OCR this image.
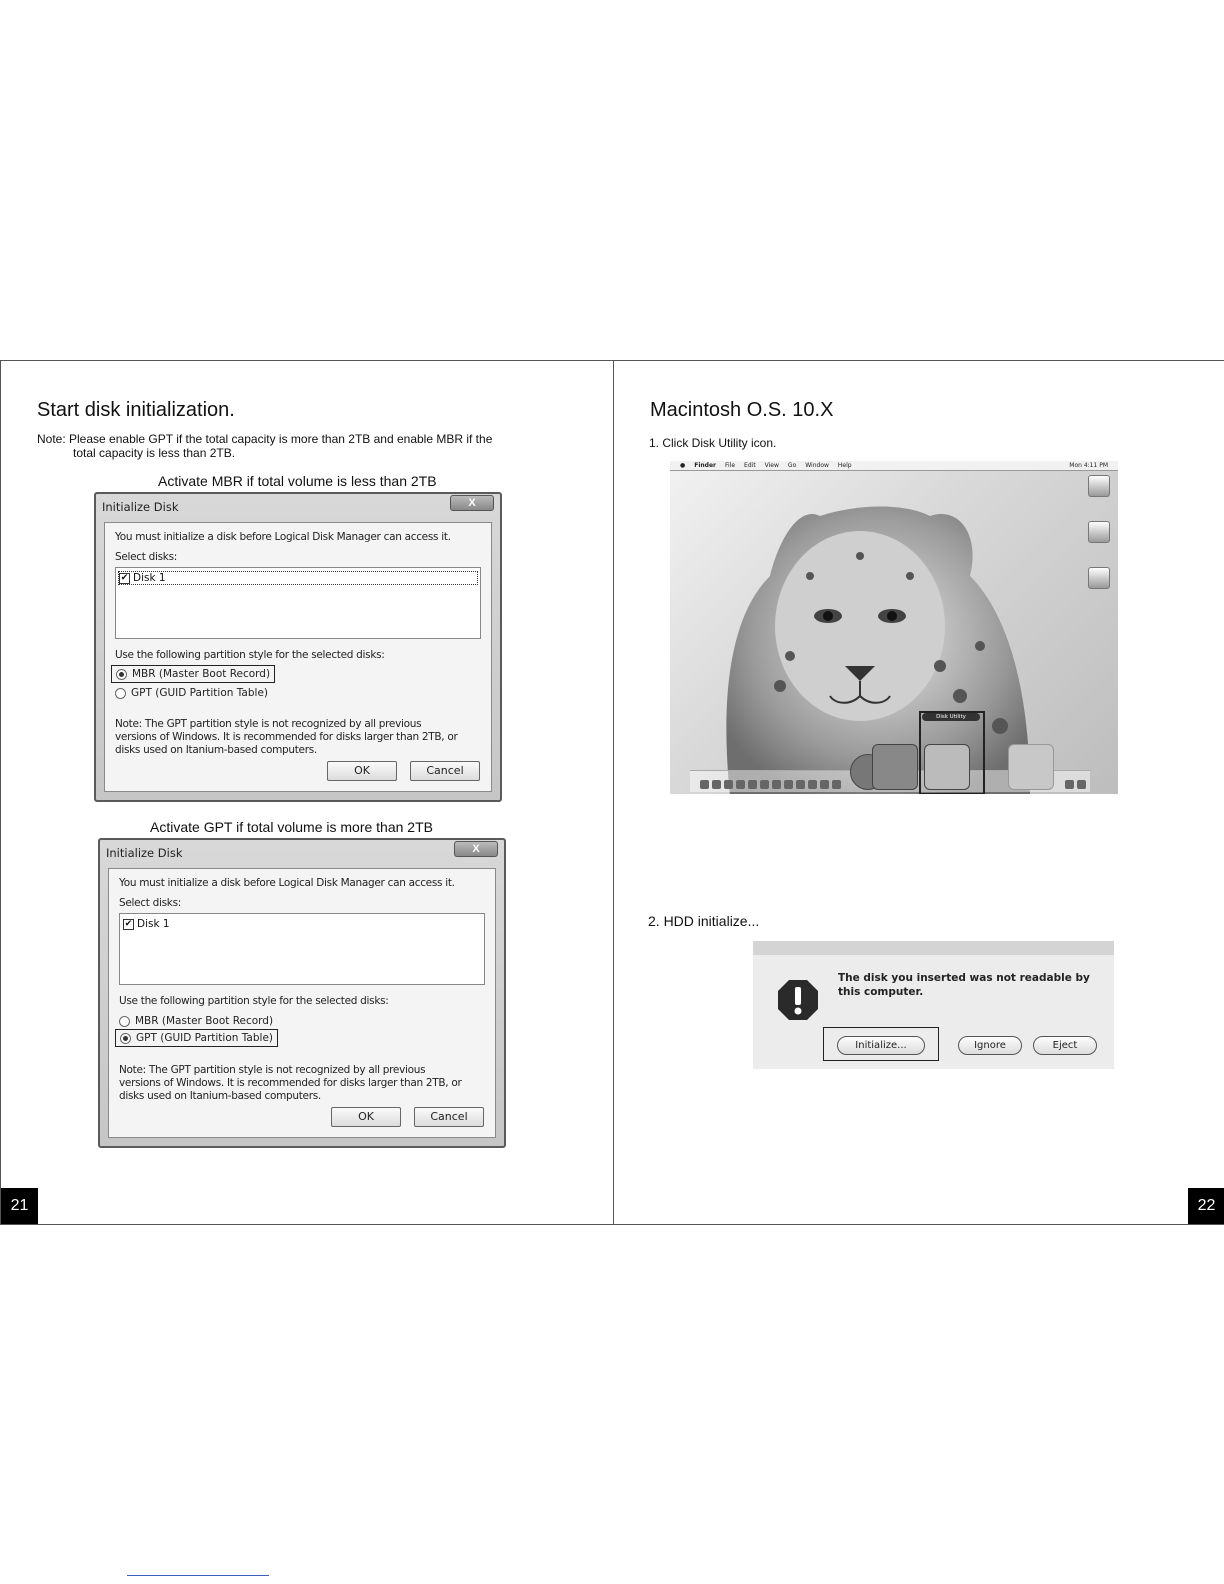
Start disk initialization.
Note: Please enable GPT if the total capacity is more than 2TB and enable MBR if the
total capacity is less than 2TB.
Activate MBR if total volume is less than 2TB
Initialize Disk	X
You must initialize a disk before Logical Disk Manager can access it.
Select disks:
✔ Disk 1
Use the following partition style for the selected disks:
MBR (Master Boot Record)
GPT (GUID Partition Table)
Note: The GPT partition style is not recognized by all previous versions of Windows. It is recommended for disks larger than 2TB, or disks used on Itanium-based computers.
OK	Cancel
Activate GPT if total volume is more than 2TB
Initialize Disk	X
You must initialize a disk before Logical Disk Manager can access it.
Select disks:
✔ Disk 1
Use the following partition style for the selected disks:
MBR (Master Boot Record)
GPT (GUID Partition Table)
Note: The GPT partition style is not recognized by all previous versions of Windows. It is recommended for disks larger than 2TB, or disks used on Itanium-based computers.
OK	Cancel
21
Macintosh O.S. 10.X
1. Click Disk Utility icon.
● Finder File Edit View Go Window Help	Mon 4:11 PM
Disk Utility
2. HDD initialize...
The disk you inserted was not readable by
this computer.
Initialize...	Ignore	Eject
22
